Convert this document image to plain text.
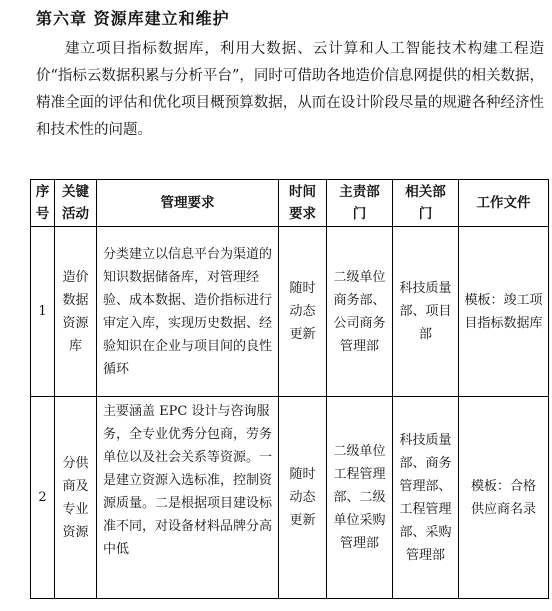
第六章 资源库建立和维护

建立项目指标数据库，利用大数据、云计算和人工智能技术构建工程造价“指标云数据积累与分析平台”，同时可借助各地造价信息网提供的相关数据，精准全面的评估和优化项目概预算数据，从而在设计阶段尽量的规避各种经济性和技术性的问题。

序号	关键活动	管理要求	时间要求	主责部门	相关部门	工作文件
1	造价数据资源库	分类建立以信息平台为渠道的知识数据储备库，对管理经验、成本数据、造价指标进行审定入库，实现历史数据、经验知识在企业与项目间的良性循环	随时动态更新	二级单位商务部、公司商务管理部	科技质量部、项目部	模板：竣工项目指标数据库
2	分供商及专业资源	主要涵盖 EPC 设计与咨询服务，全专业优秀分包商，劳务单位以及社会关系等资源。一是建立资源入选标准，控制资源质量。二是根据项目建设标准不同，对设备材料品牌分高中低	随时动态更新	二级单位工程管理部、二级单位采购管理部	科技质量部、商务管理部、工程管理部、采购管理部	模板：合格供应商名录
